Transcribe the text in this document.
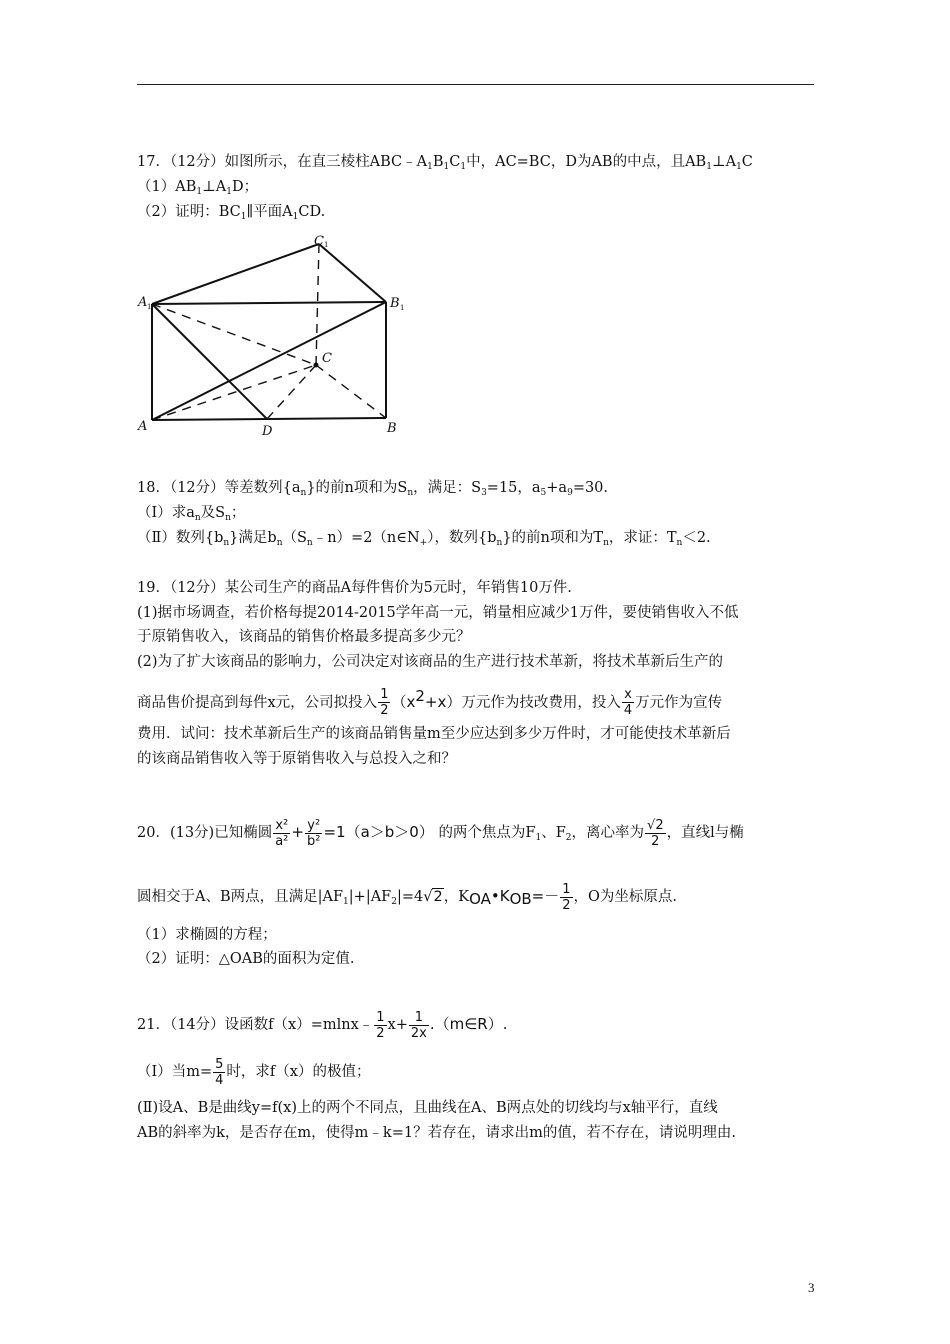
17．（12分）如图所示，在直三棱柱$ABC﹣A_1B_1C_1$中，AC=BC，D为AB的中点，且$AB_1\perp A_1C$
$(1)AB_1\perp A_1D$；
（2）证明：$BC_1\parallel$平面$A_1CD$.
C 1
A 1	B 1
C
A	D	B
18．（12分）等差数列$\{a_n\}$的前n项和为$S_n$，满足：$S_3=15$，$a_5+a_9=30$.
（Ⅰ）求$a_n$及$S_n$；
（Ⅱ）数列$\{b_n\}$满足$b_n(S_n﹣n)=2(n\in N_+)$，数列$\{b_n\}$的前n项和为$T_n$，求证：$T_n<2$.
19．（12分）某公司生产的商品A每件售价为5元时，年销售10万件.
(1)据市场调查，若价格每提2014-2015学年高一元，销量相应减少1万件，要使销售收入不低
于原销售收入，该商品的销售价格最多提高多少元？
(2)为了扩大该商品的影响力，公司决定对该商品的生产进行技术革新，将技术革新后生产的
商品售价提高到每件x元，公司拟投入 $\frac{1}{2} (x^2+x)$万元作为技改费用，投入 $\frac{x}{4}$ 万元作为宣传
费用．试问：技术革新后生产的该商品销售量m至少应达到多少万件时，才可能使技术革新后
的该商品销售收入等于原销售收入与总投入之和？
20．(13分)已知椭圆 $\frac{\text{x²}}{\text{a²}} + \frac{\text{y²}}{\text{b²}} =1(a>b>0)$ 的两个焦点为$F_1$、$F_2$，离心率为 $\frac{√2}{2}$ ，直线l与椭
圆相交于A、B两点，且满足$|AF_1|+|AF_2|=4√2$，$K_{OA}•K_{OB}=- \frac{1}{2}$ ，O为坐标原点.
（1）求椭圆的方程；
（2）证明：△OAB的面积为定值.
21．（14分）设函数f（x）=mlnx﹣ $\frac{1}{2} x+ \frac{1}{2x}$ .（m∈R）.
（Ⅰ）当$m= \frac{5}{4}$ 时，求f（x）的极值；
(Ⅱ)设A、B是曲线y=f(x)上的两个不同点，且曲线在A、B两点处的切线均与x轴平行，直线
AB的斜率为k，是否存在m，使得m﹣k=1？若存在，请求出m的值，若不存在，请说明理由.
3
